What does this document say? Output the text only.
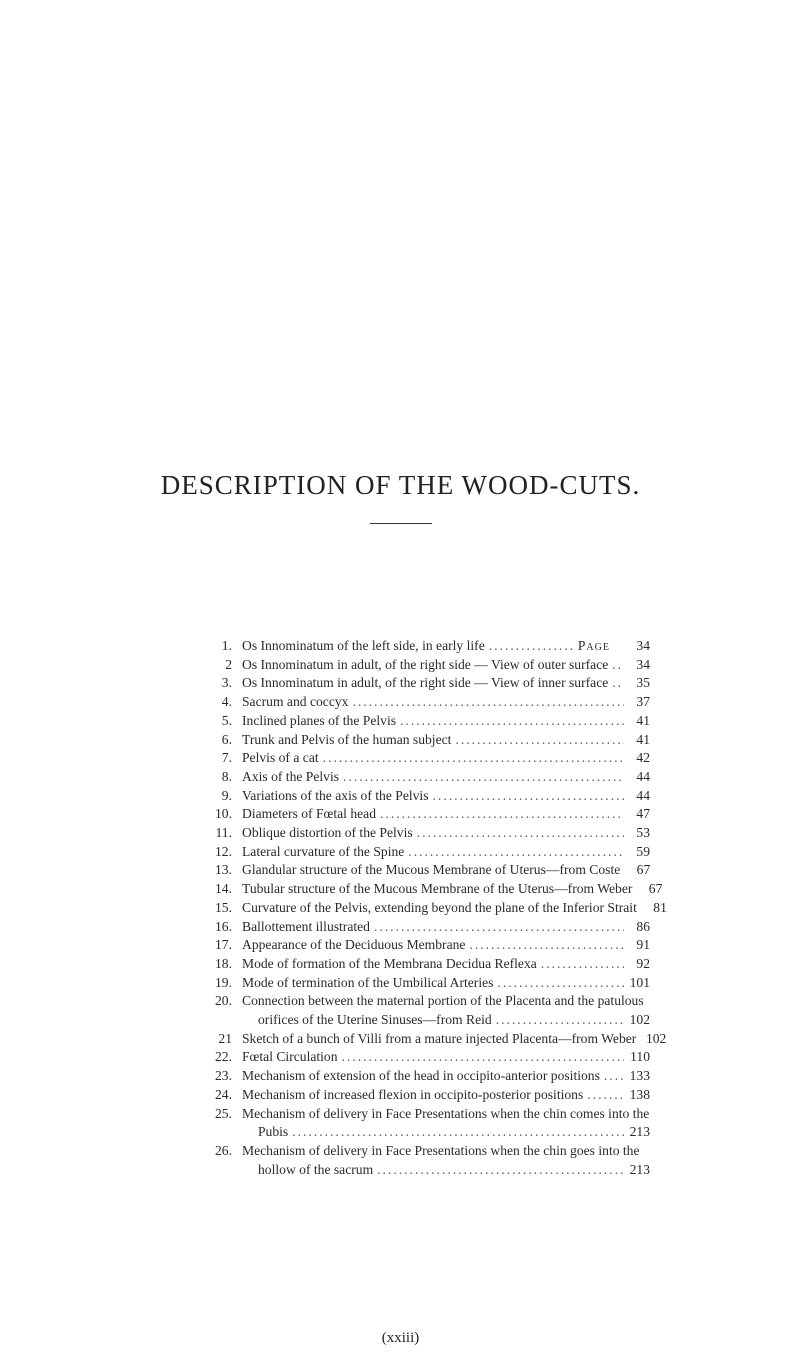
DESCRIPTION OF THE WOOD-CUTS.
1. Os Innominatum of the left side, in early life .....	Page	34
2 Os Innominatum in adult, of the right side — View of outer surface .....	34
3. Os Innominatum in adult, of the right side — View of inner surface .....	35
4. Sacrum and coccyx .....	37
5. Inclined planes of the Pelvis .....	41
6. Trunk and Pelvis of the human subject .....	41
7. Pelvis of a cat .....	42
8. Axis of the Pelvis .....	44
9. Variations of the axis of the Pelvis .....	44
10. Diameters of Fœtal head .....	47
11. Oblique distortion of the Pelvis .....	53
12. Lateral curvature of the Spine .....	59
13. Glandular structure of the Mucous Membrane of Uterus—from Coste	67
14. Tubular structure of the Mucous Membrane of the Uterus—from Weber	67
15. Curvature of the Pelvis, extending beyond the plane of the Inferior Strait	81
16. Ballottement illustrated .....	86
17. Appearance of the Deciduous Membrane .....	91
18. Mode of formation of the Membrana Decidua Reflexa .....	92
19. Mode of termination of the Umbilical Arteries .....	101
20. Connection between the maternal portion of the Placenta and the patulous
orifices of the Uterine Sinuses—from Reid .....	102
21 Sketch of a bunch of Villi from a mature injected Placenta—from Weber 102
22. Fœtal Circulation .....	110
23. Mechanism of extension of the head in occipito-anterior positions ..... 133
24. Mechanism of increased flexion in occipito-posterior positions .....	138
25. Mechanism of delivery in Face Presentations when the chin comes into the
Pubis .....	213
26. Mechanism of delivery in Face Presentations when the chin goes into the
hollow of the sacrum .....	213
(xxiii)
